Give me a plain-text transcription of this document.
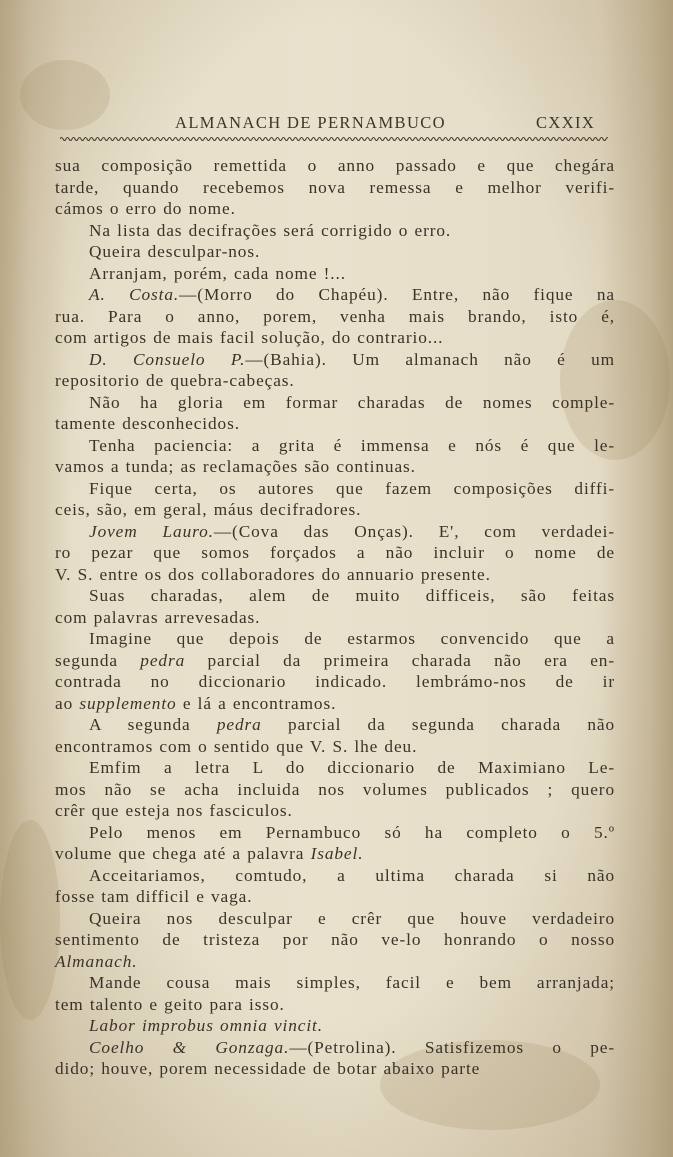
ALMANACH DE PERNAMBUCO	CXXIX
sua composição remettida o anno passado e que chegára
tarde, quando recebemos nova remessa e melhor verifi-
cámos o erro do nome.
Na lista das decifrações será corrigido o erro.
Queira desculpar-nos.
Arranjam, porém, cada nome !...
A. Costa.—(Morro do Chapéu). Entre, não fique na
rua. Para o anno, porem, venha mais brando, isto é,
com artigos de mais facil solução, do contrario...
D. Consuelo P.—(Bahia). Um almanach não é um
repositorio de quebra-cabeças.
Não ha gloria em formar charadas de nomes comple-
tamente desconhecidos.
Tenha paciencia: a grita é immensa e nós é que le-
vamos a tunda; as reclamações são continuas.
Fique certa, os autores que fazem composições diffi-
ceis, são, em geral, máus decifradores.
Jovem Lauro.—(Cova das Onças). E', com verdadei-
ro pezar que somos forçados a não incluir o nome de
V. S. entre os dos collaboradores do annuario presente.
Suas charadas, alem de muito difficeis, são feitas
com palavras arrevesadas.
Imagine que depois de estarmos convencido que a
segunda pedra parcial da primeira charada não era en-
contrada no diccionario indicado. lembrámo-nos de ir
ao supplemento e lá a encontramos.
A segunda pedra parcial da segunda charada não
encontramos com o sentido que V. S. lhe deu.
Emfim a letra L do diccionario de Maximiano Le-
mos não se acha incluida nos volumes publicados ; quero
crêr que esteja nos fasciculos.
Pelo menos em Pernambuco só ha completo o 5.º
volume que chega até a palavra Isabel.
Acceitariamos, comtudo, a ultima charada si não
fosse tam difficil e vaga.
Queira nos desculpar e crêr que houve verdadeiro
sentimento de tristeza por não ve-lo honrando o nosso
Almanach.
Mande cousa mais simples, facil e bem arranjada;
tem talento e geito para isso.
Labor improbus omnia vincit.
Coelho & Gonzaga.—(Petrolina). Satisfizemos o pe-
dido; houve, porem necessidade de botar abaixo parte
